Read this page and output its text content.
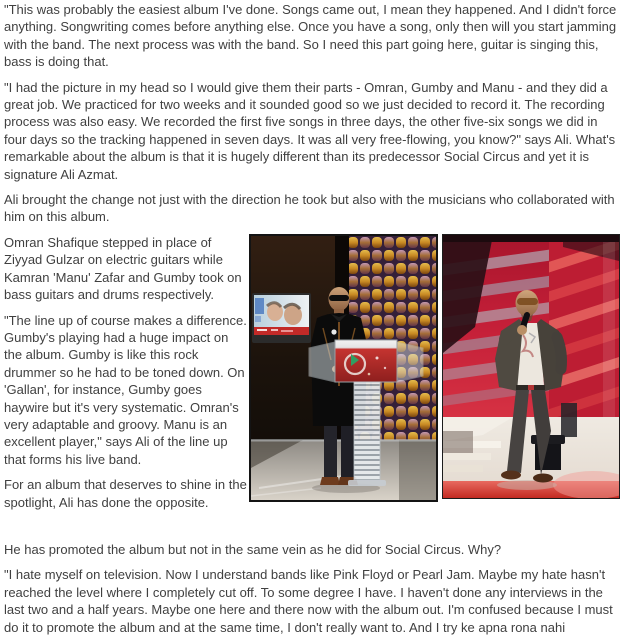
"This was probably the easiest album I've done. Songs came out, I mean they happened. And I didn't force anything. Songwriting comes before anything else. Once you have a song, only then will you start jamming with the band. The next process was with the band. So I need this part going here, guitar is singing this, bass is doing that.

"I had the picture in my head so I would give them their parts - Omran, Gumby and Manu - and they did a great job. We practiced for two weeks and it sounded good so we just decided to record it. The recording process was also easy. We recorded the first five songs in three days, the other five-six songs we did in four days so the tracking happened in seven days. It was all very free-flowing, you know?" says Ali. What's remarkable about the album is that it is hugely different than its predecessor Social Circus and yet it is signature Ali Azmat.

Ali brought the change not just with the direction he took but also with the musicians who collaborated with him on this album.

Omran Shafique stepped in place of Ziyyad Gulzar on electric guitars while Kamran 'Manu' Zafar and Gumby took on bass guitars and drums respectively.

"The line up of course makes a difference. Gumby's playing had a huge impact on the album. Gumby is like this rock drummer so he had to be toned down. On 'Gallan', for instance, Gumby goes haywire but it's very systematic. Omran's very adaptable and groovy. Manu is an excellent player," says Ali of the line up that forms his live band.

For an album that deserves to shine in the spotlight, Ali has done the opposite.

He has promoted the album but not in the same vein as he did for Social Circus. Why?

"I hate myself on television. Now I understand bands like Pink Floyd or Pearl Jam. Maybe my hate hasn't reached the level where I completely cut off. To some degree I have. I haven't done any interviews in the last two and a half years. Maybe one here and there now with the album out. I'm confused because I must do it to promote the album and at the same time, I don't really want to. And I try ke apna rona nahi
